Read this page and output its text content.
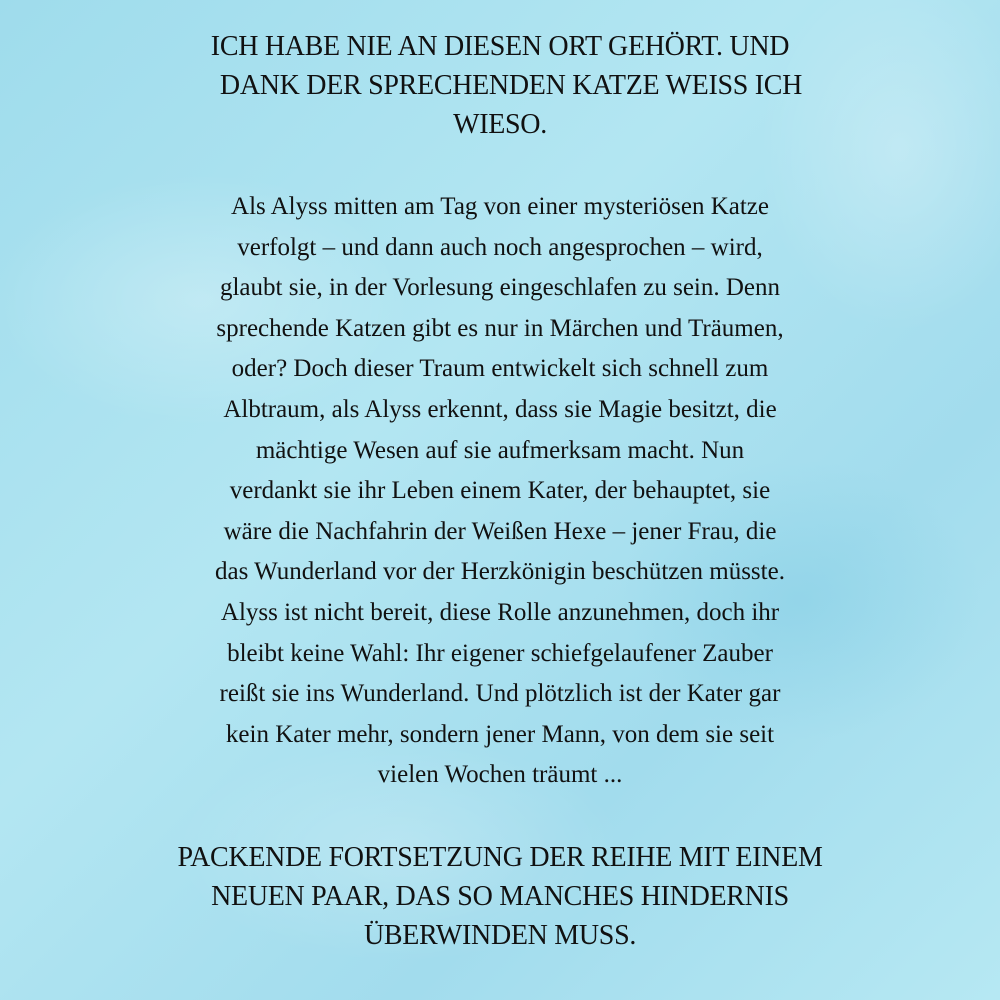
ICH HABE NIE AN DIESEN ORT GEHÖRT. UND
DANK DER SPRECHENDEN KATZE WEISS ICH
WIESO.
Als Alyss mitten am Tag von einer mysteriösen Katze
verfolgt – und dann auch noch angesprochen – wird,
glaubt sie, in der Vorlesung eingeschlafen zu sein. Denn
sprechende Katzen gibt es nur in Märchen und Träumen,
oder? Doch dieser Traum entwickelt sich schnell zum
Albtraum, als Alyss erkennt, dass sie Magie besitzt, die
mächtige Wesen auf sie aufmerksam macht. Nun
verdankt sie ihr Leben einem Kater, der behauptet, sie
wäre die Nachfahrin der Weißen Hexe – jener Frau, die
das Wunderland vor der Herzkönigin beschützen müsste.
Alyss ist nicht bereit, diese Rolle anzunehmen, doch ihr
bleibt keine Wahl: Ihr eigener schiefgelaufener Zauber
reißt sie ins Wunderland. Und plötzlich ist der Kater gar
kein Kater mehr, sondern jener Mann, von dem sie seit
vielen Wochen träumt ...
PACKENDE FORTSETZUNG DER REIHE MIT EINEM
NEUEN PAAR, DAS SO MANCHES HINDERNIS
ÜBERWINDEN MUSS.
